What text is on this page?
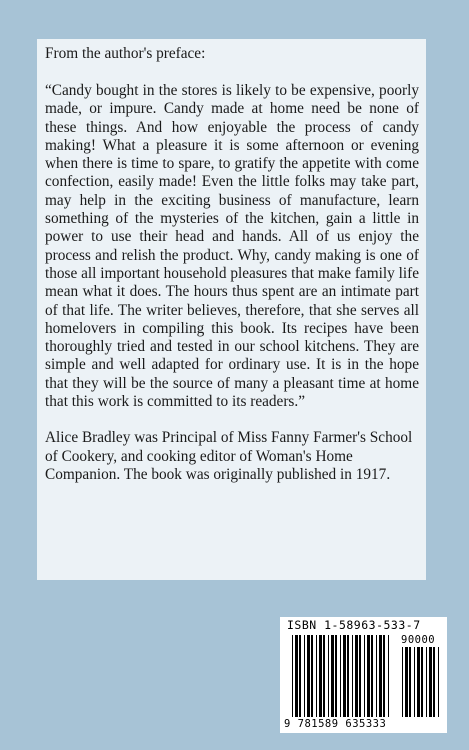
From the author's preface:

“Candy bought in the stores is likely to be expensive, poorly made, or impure. Candy made at home need be none of these things. And how enjoyable the process of candy making! What a pleasure it is some afternoon or evening when there is time to spare, to gratify the appetite with come confection, easily made! Even the little folks may take part, may help in the exciting business of manufacture, learn something of the mysteries of the kitchen, gain a little in power to use their head and hands. All of us enjoy the process and relish the product. Why, candy making is one of those all important household pleasures that make family life mean what it does. The hours thus spent are an intimate part of that life. The writer believes, therefore, that she serves all homelovers in compiling this book. Its recipes have been thoroughly tried and tested in our school kitchens. They are simple and well adapted for ordinary use. It is in the hope that they will be the source of many a pleasant time at home that this work is committed to its readers.”

Alice Bradley was Principal of Miss Fanny Farmer's School of Cookery, and cooking editor of Woman's Home Companion. The book was originally published in 1917.

ISBN 1-58963-533-7
90000
9 781589 635333
